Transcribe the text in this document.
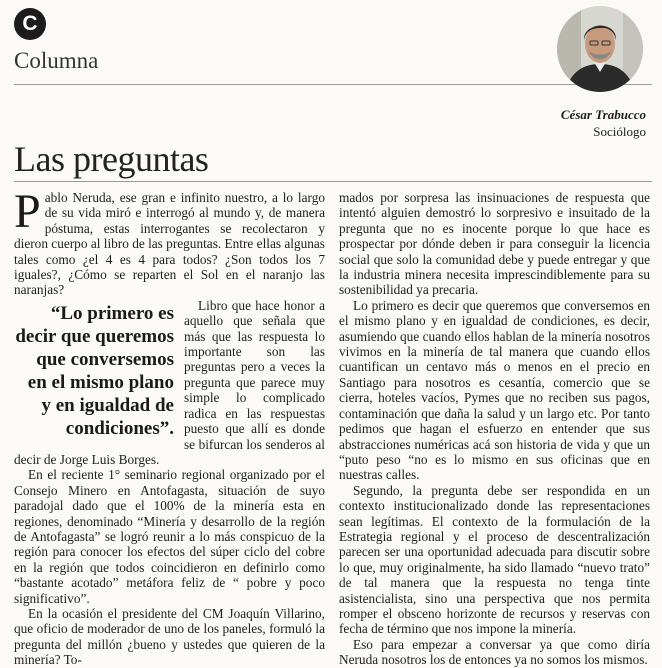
C
Columna
César Trabucco
Sociólogo
Las preguntas

Pablo Neruda, ese gran e infinito nuestro, a lo largo de su vida miró e interrogó al mundo y, de manera póstuma, estas interrogantes se recolectaron y dieron cuerpo al libro de las preguntas. Entre ellas algunas tales como ¿el 4 es 4 para todos? ¿Son todos los 7 iguales?, ¿Cómo se reparten el Sol en el naranjo las naranjas?

“Lo primero es decir que queremos que conversemos en el mismo plano y en igualdad de condiciones”.
Libro que hace honor a aquello que señala que más que las respuesta lo importante son las preguntas pero a veces la pregunta que parece muy simple lo complicado radica en las respuestas puesto que allí es donde se bifurcan los senderos al decir de Jorge Luis Borges.

En el reciente 1° seminario regional organizado por el Consejo Minero en Antofagasta, situación de suyo paradojal dado que el 100% de la minería esta en regiones, denominado “Minería y desarrollo de la región de Antofagasta” se logró reunir a lo más conspicuo de la región para conocer los efectos del súper ciclo del cobre en la región que todos coincidieron en definirlo como “bastante acotado” metáfora feliz de “ pobre y poco significativo”.

En la ocasión el presidente del CM Joaquín Villarino, que oficio de moderador de uno de los paneles, formuló la pregunta del millón ¿bueno y ustedes que quieren de la minería? To-

mados por sorpresa las insinuaciones de respuesta que intentó alguien demostró lo sorpresivo e insuitado de la pregunta que no es inocente porque lo que hace es prospectar por dónde deben ir para conseguir la licencia social que solo la comunidad debe y puede entregar y que la industria minera necesita imprescindiblemente para su sostenibilidad ya precaria.

Lo primero es decir que queremos que conversemos en el mismo plano y en igualdad de condiciones, es decir, asumiendo que cuando ellos hablan de la minería nosotros vivimos en la minería de tal manera que cuando ellos cuantifican un centavo más o menos en el precio en Santiago para nosotros es cesantía, comercio que se cierra, hoteles vacíos, Pymes que no reciben sus pagos, contaminación que daña la salud y un largo etc. Por tanto pedimos que hagan el esfuerzo en entender que sus abstracciones numéricas acá son historia de vida y que un “puto peso “no es lo mismo en sus oficinas que en nuestras calles.

Segundo, la pregunta debe ser respondida en un contexto institucionalizado donde las representaciones sean legítimas. El contexto de la formulación de la Estrategia regional y el proceso de descentralización parecen ser una oportunidad adecuada para discutir sobre lo que, muy originalmente, ha sido llamado “nuevo trato” de tal manera que la respuesta no tenga tinte asistencialista, sino una perspectiva que nos permita romper el obsceno horizonte de recursos y reservas con fecha de término que nos impone la minería.

Eso para empezar a conversar ya que como diría Neruda nosotros los de entonces ya no somos los mismos.
